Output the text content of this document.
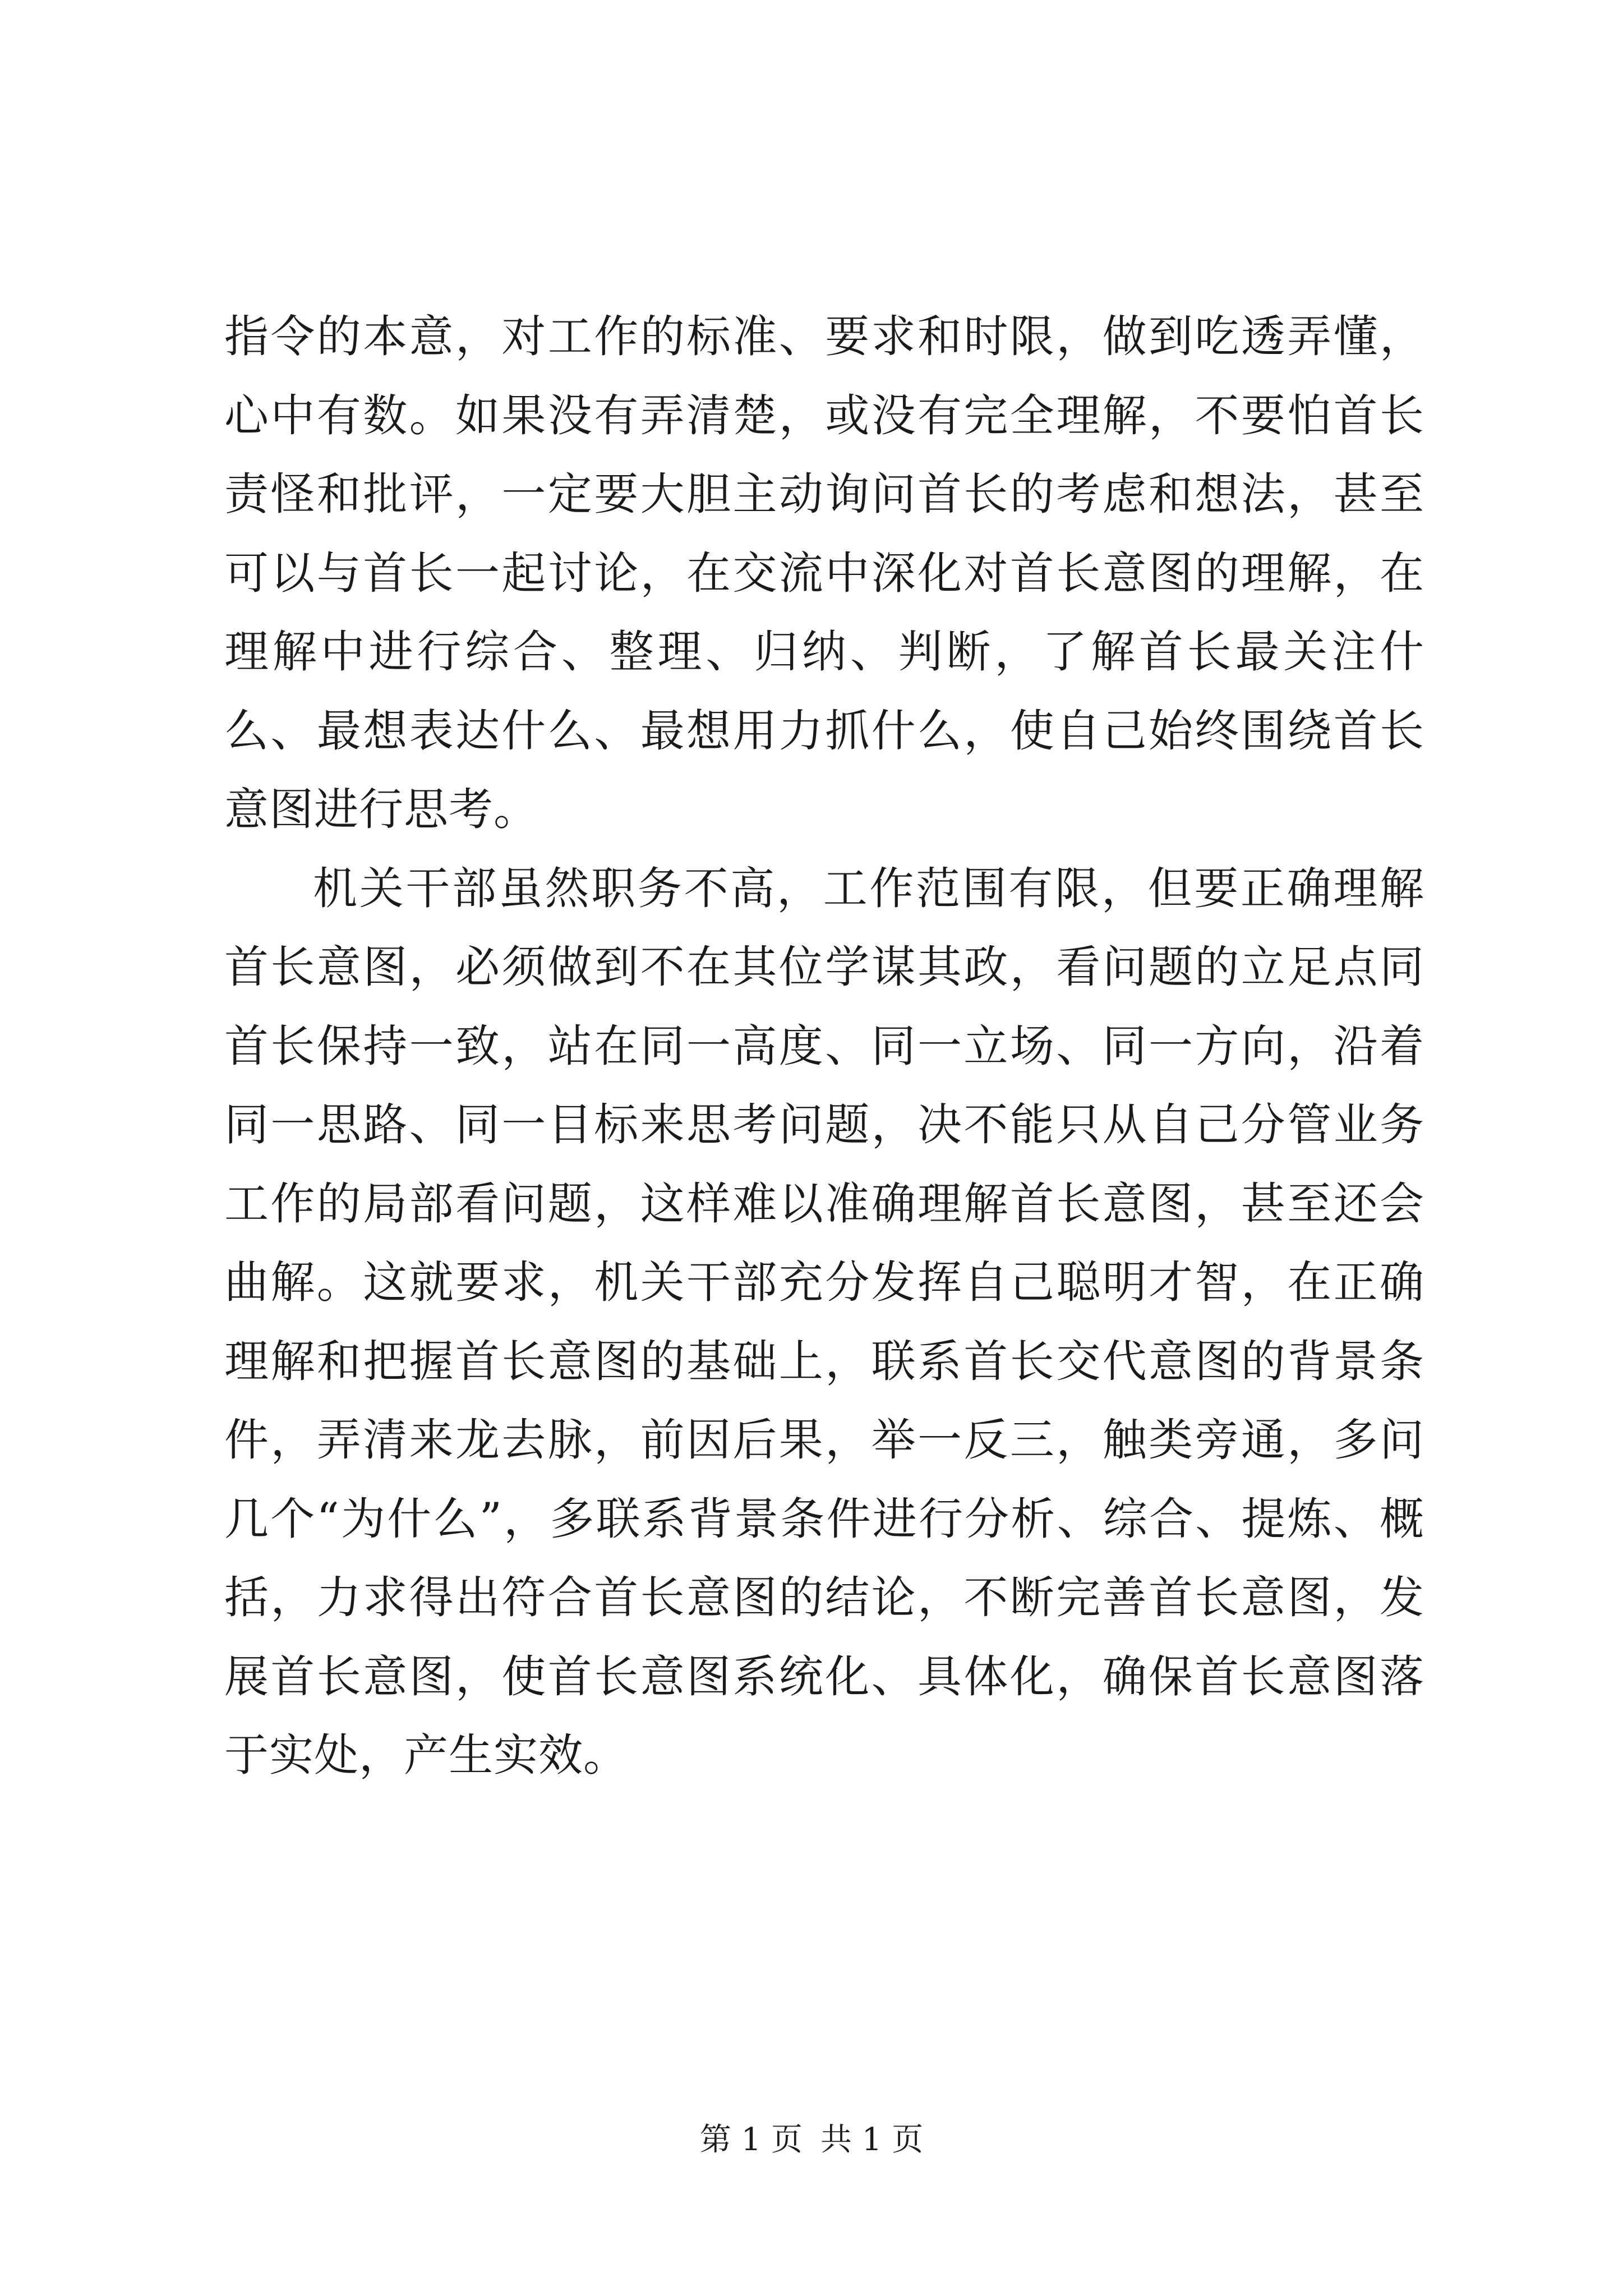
指令的本意，对工作的标准、要求和时限，做到吃透弄懂，心中有数。如果没有弄清楚，或没有完全理解，不要怕首长责怪和批评，一定要大胆主动询问首长的考虑和想法，甚至可以与首长一起讨论，在交流中深化对首长意图的理解，在理解中进行综合、整理、归纳、判断，了解首长最关注什么、最想表达什么、最想用力抓什么，使自己始终围绕首长意图进行思考。

机关干部虽然职务不高，工作范围有限，但要正确理解首长意图，必须做到不在其位学谋其政，看问题的立足点同首长保持一致，站在同一高度、同一立场、同一方向，沿着同一思路、同一目标来思考问题，决不能只从自己分管业务工作的局部看问题，这样难以准确理解首长意图，甚至还会曲解。这就要求，机关干部充分发挥自己聪明才智，在正确理解和把握首长意图的基础上，联系首长交代意图的背景条件，弄清来龙去脉，前因后果，举一反三，触类旁通，多问几个“为什么”，多联系背景条件进行分析、综合、提炼、概括，力求得出符合首长意图的结论，不断完善首长意图，发展首长意图，使首长意图系统化、具体化，确保首长意图落于实处，产生实效。

第 1 页 共 1 页
